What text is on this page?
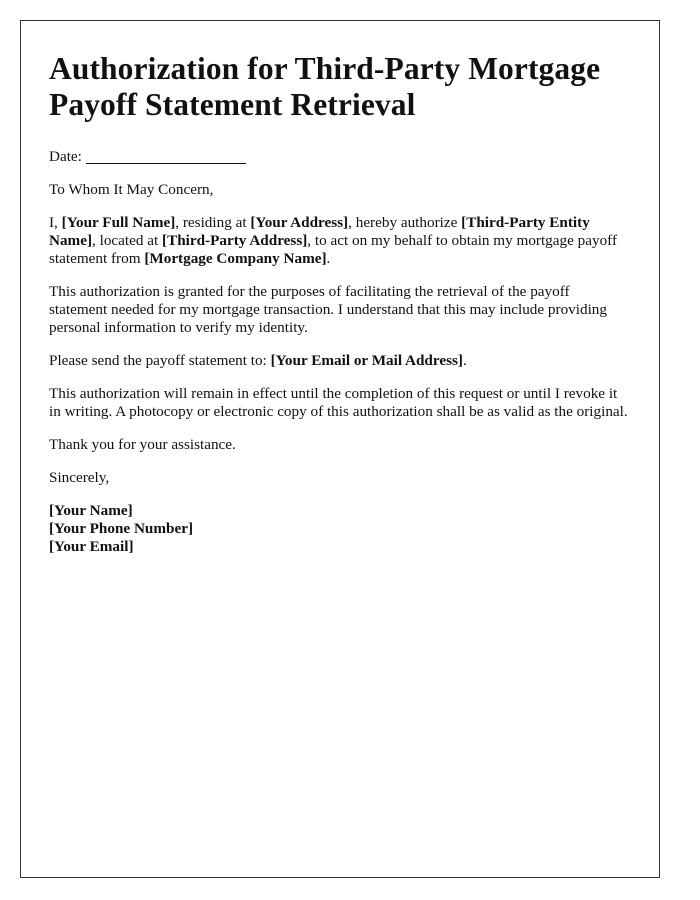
Authorization for Third-Party Mortgage Payoff Statement Retrieval

Date:

To Whom It May Concern,

I, [Your Full Name], residing at [Your Address], hereby authorize [Third-Party Entity Name], located at [Third-Party Address], to act on my behalf to obtain my mortgage payoff statement from [Mortgage Company Name].

This authorization is granted for the purposes of facilitating the retrieval of the payoff statement needed for my mortgage transaction. I understand that this may include providing personal information to verify my identity.

Please send the payoff statement to: [Your Email or Mail Address].

This authorization will remain in effect until the completion of this request or until I revoke it in writing. A photocopy or electronic copy of this authorization shall be as valid as the original.

Thank you for your assistance.

Sincerely,

[Your Name]

[Your Phone Number]

[Your Email]
